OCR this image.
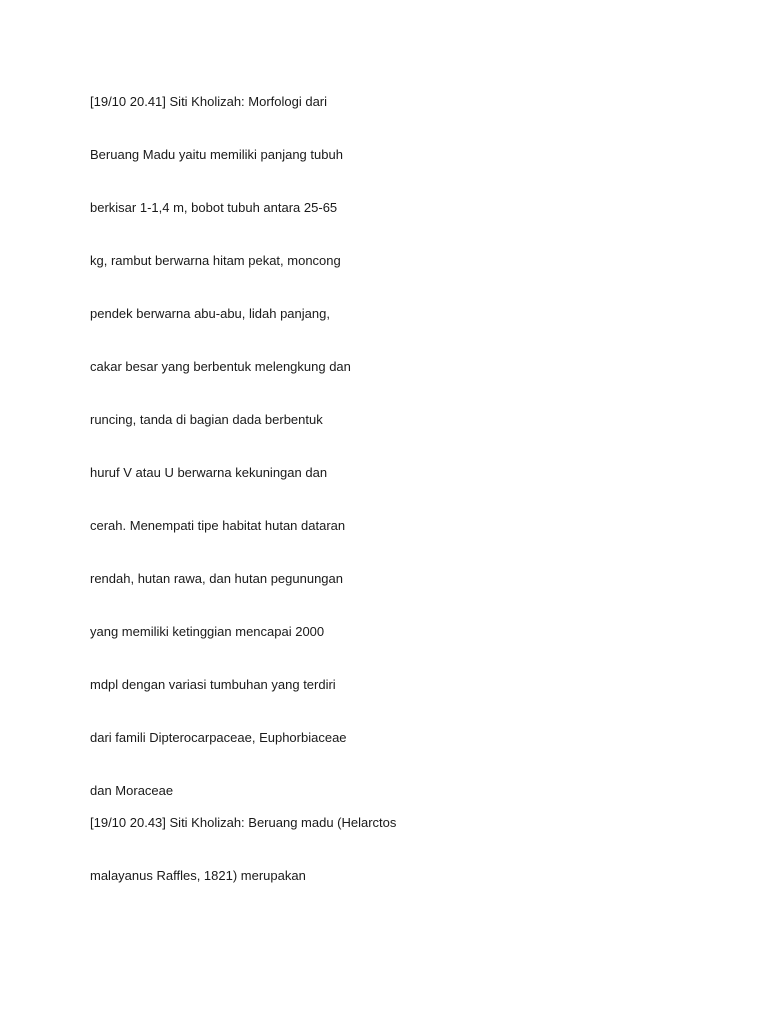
[19/10 20.41] Siti Kholizah: Morfologi dari
Beruang Madu yaitu memiliki panjang tubuh
berkisar 1-1,4 m, bobot tubuh antara 25-65
kg, rambut berwarna hitam pekat, moncong
pendek berwarna abu-abu, lidah panjang,
cakar besar yang berbentuk melengkung dan
runcing, tanda di bagian dada berbentuk
huruf V atau U berwarna kekuningan dan
cerah. Menempati tipe habitat hutan dataran
rendah, hutan rawa, dan hutan pegunungan
yang memiliki ketinggian mencapai 2000
mdpl dengan variasi tumbuhan yang terdiri
dari famili Dipterocarpaceae, Euphorbiaceae
dan Moraceae
[19/10 20.43] Siti Kholizah: Beruang madu (Helarctos
malayanus Raffles, 1821) merupakan
